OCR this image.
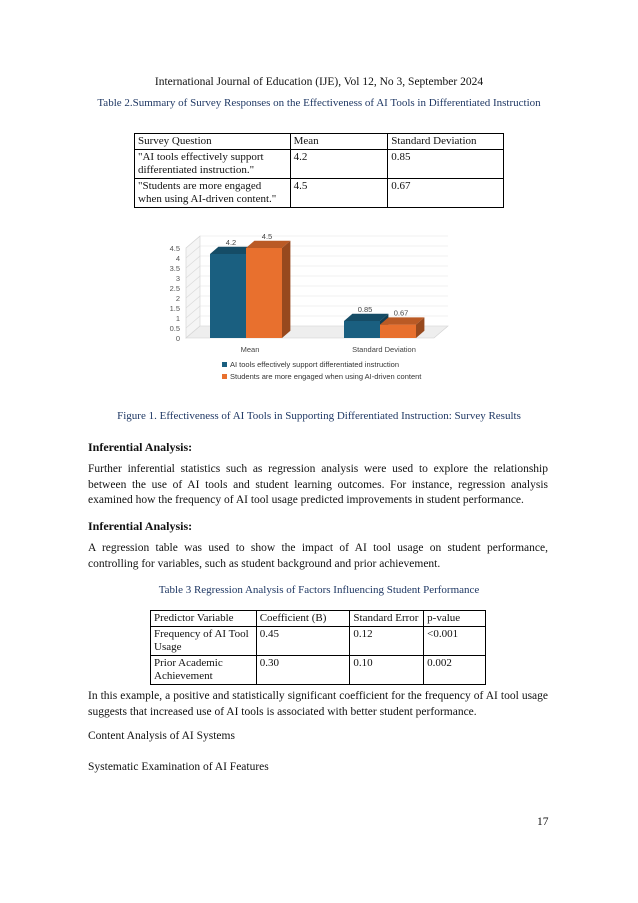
International Journal of Education (IJE), Vol 12, No 3, September 2024
Table 2.Summary of Survey Responses on the Effectiveness of AI Tools in Differentiated Instruction
Survey Question	Mean	Standard Deviation
"AI tools effectively support differentiated instruction."	4.2	0.85
"Students are more engaged when using AI-driven content."	4.5	0.67
0
0.5
1
1.5
2
2.5
3
3.5
4
4.5
4.2
4.5
Mean
0.85	0.67
Standard Deviation
AI tools effectively support differentiated instruction
Students are more engaged when using AI-driven content
Figure 1. Effectiveness of AI Tools in Supporting Differentiated Instruction: Survey Results
Inferential Analysis:
Further inferential statistics such as regression analysis were used to explore the relationship between the use of AI tools and student learning outcomes. For instance, regression analysis examined how the frequency of AI tool usage predicted improvements in student performance.
Inferential Analysis:
A regression table was used to show the impact of AI tool usage on student performance, controlling for variables, such as student background and prior achievement.
Table 3 Regression Analysis of Factors Influencing Student Performance
Predictor Variable	Coefficient (B)	Standard Error	p-value
Frequency of AI Tool Usage	0.45	0.12	<0.001
Prior Academic Achievement	0.30	0.10	0.002
In this example, a positive and statistically significant coefficient for the frequency of AI tool usage suggests that increased use of AI tools is associated with better student performance.
Content Analysis of AI Systems
Systematic Examination of AI Features
17
